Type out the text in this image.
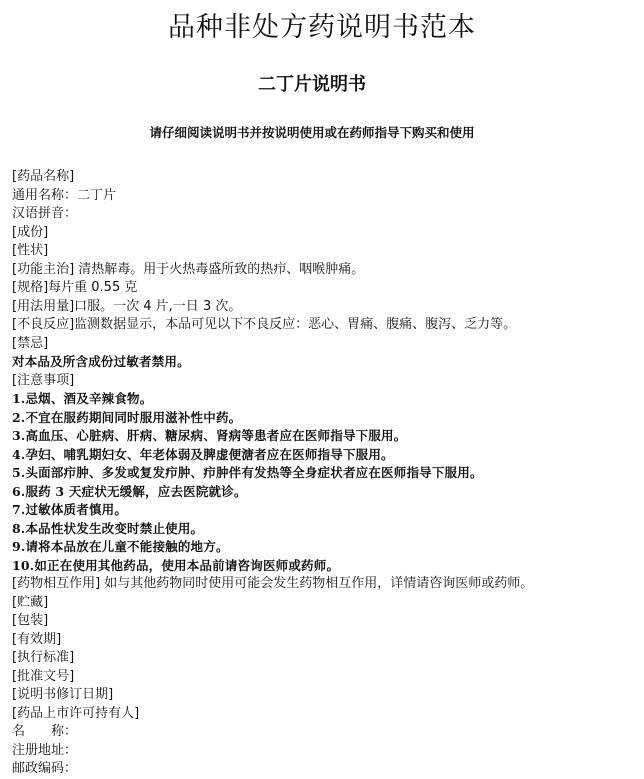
品种非处方药说明书范本
二丁片说明书

请仔细阅读说明书并按说明使用或在药师指导下购买和使用

[药品名称]
通用名称：二丁片
汉语拼音：
[成份]
[性状]
[功能主治] 清热解毒。用于火热毒盛所致的热疖、咽喉肿痛。
[规格]每片重 0.55 克
[用法用量]口服。一次 4 片,一日 3 次。
[不良反应]监测数据显示，本品可见以下不良反应：恶心、胃痛、腹痛、腹泻、乏力等。
[禁忌]
对本品及所含成份过敏者禁用。
[注意事项]
1.忌烟、酒及辛辣食物。
2.不宜在服药期间同时服用滋补性中药。
3.高血压、心脏病、肝病、糖尿病、肾病等患者应在医师指导下服用。
4.孕妇、哺乳期妇女、年老体弱及脾虚便溏者应在医师指导下服用。
5.头面部疖肿、多发或复发疖肿、疖肿伴有发热等全身症状者应在医师指导下服用。
6.服药 3 天症状无缓解，应去医院就诊。
7.过敏体质者慎用。
8.本品性状发生改变时禁止使用。
9.请将本品放在儿童不能接触的地方。
10.如正在使用其他药品，使用本品前请咨询医师或药师。
[药物相互作用] 如与其他药物同时使用可能会发生药物相互作用，详情请咨询医师或药师。
[贮藏]
[包装]
[有效期]
[执行标准]
[批准文号]
[说明书修订日期]
[药品上市许可持有人]
名　　称：
注册地址：
邮政编码：
